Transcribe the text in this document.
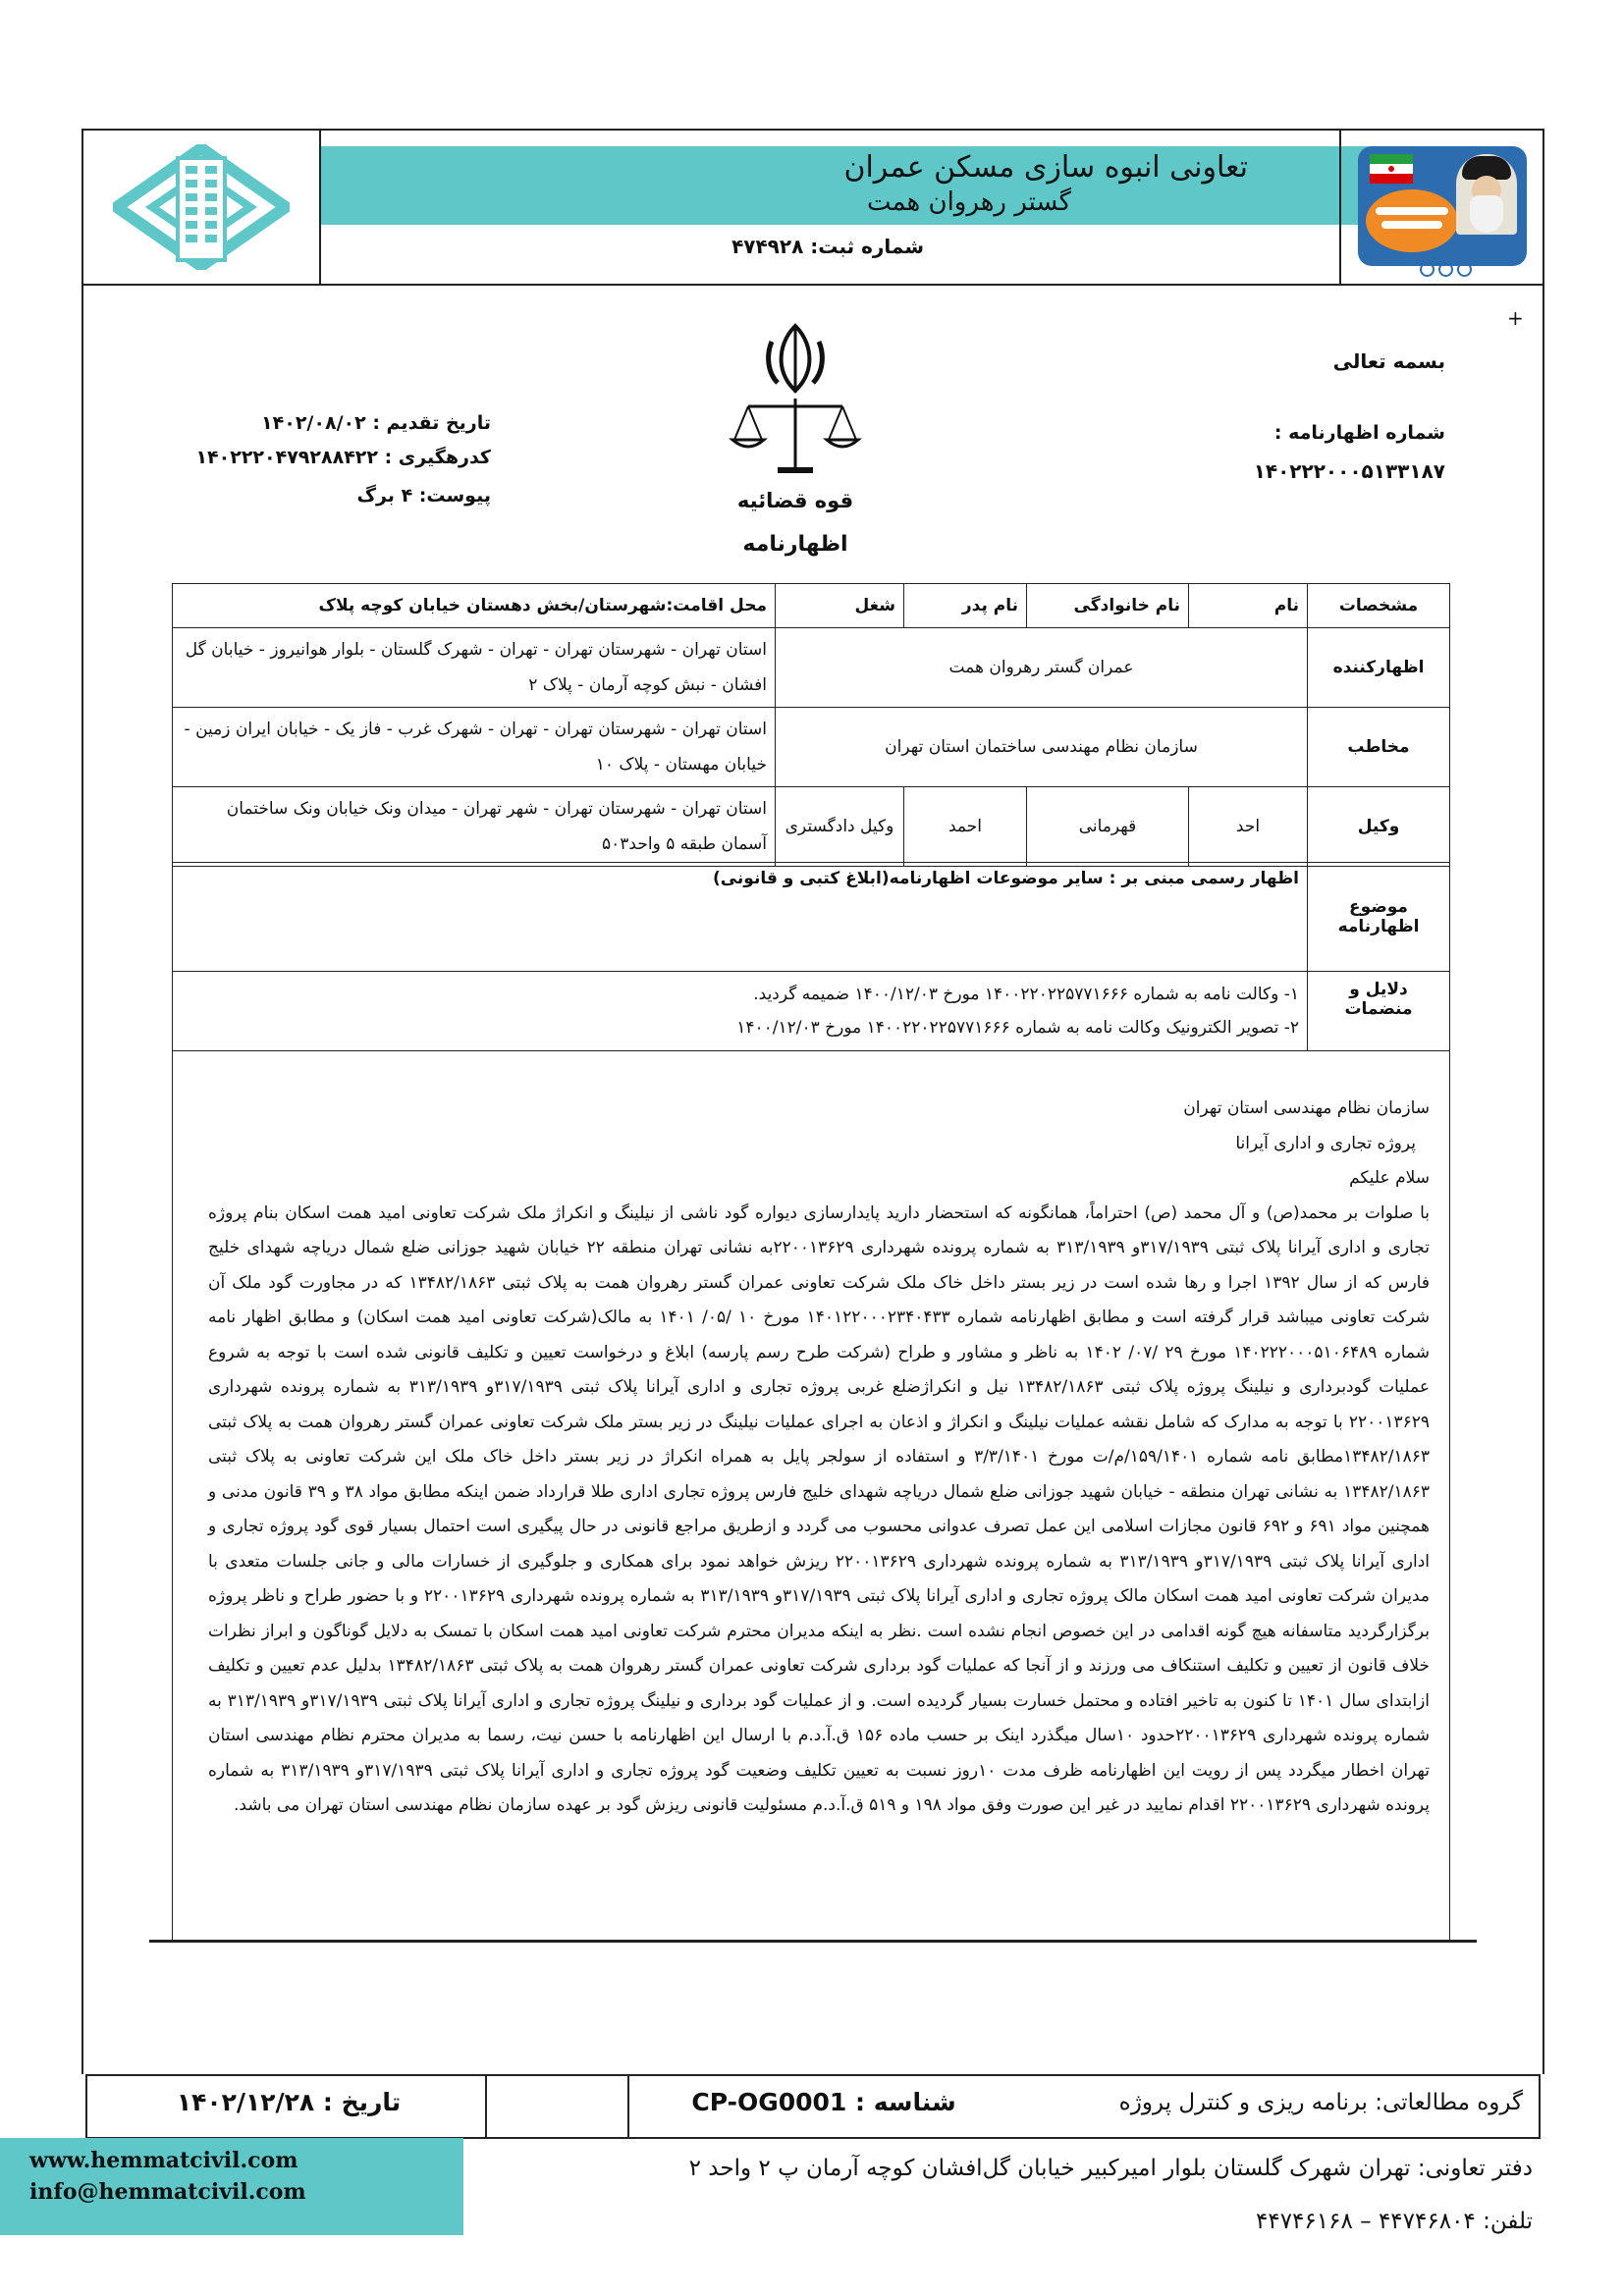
تعاونی انبوه سازی مسکن عمران
گستر رهروان همت
شماره ثبت: ۴۷۴۹۲۸
+
بسمه تعالی
شماره اظهارنامه :
۱۴۰۲۲۲۰۰۰۵۱۳۳۱۸۷
تاریخ تقدیم : ۱۴۰۲/۰۸/۰۲
کدرهگیری : ۱۴۰۲۲۲۰۴۷۹۲۸۸۴۲۲
پیوست: ۴ برگ	قوه قضائیه
اظهارنامه
مشخصات	نام	نام خانوادگی	نام پدر	شغل	محل اقامت:شهرستان/بخش دهستان خیابان کوچه پلاک
اظهارکننده	عمران گستر رهروان همت				استان تهران - شهرستان تهران - تهران - شهرک گلستان - بلوار هوانیروز - خیابان گل افشان - نبش کوچه آرمان - پلاک ۲
مخاطب	سازمان نظام مهندسی ساختمان استان تهران				استان تهران - شهرستان تهران - تهران - شهرک غرب - فاز یک - خیابان ایران زمین - خیابان مهستان - پلاک ۱۰
وکیل	احد	قهرمانی	احمد	وکیل دادگستری	استان تهران - شهرستان تهران - شهر تهران - میدان ونک خیابان ونک ساختمان آسمان طبقه ۵ واحد۵۰۳
موضوع اظهارنامه	اظهار رسمی مبنی بر : سایر موضوعات اظهارنامه(ابلاغ کتبی و قانونی)
دلایل و منضمات	۱- وکالت نامه به شماره ۱۴۰۰۲۲۰۲۲۵۷۷۱۶۶۶ مورخ ۱۴۰۰/۱۲/۰۳ ضمیمه گردید.
۲- تصویر الکترونیک وکالت نامه به شماره ۱۴۰۰۲۲۰۲۲۵۷۷۱۶۶۶ مورخ ۱۴۰۰/۱۲/۰۳

سازمان نظام مهندسی استان تهران

پروژه تجاری و اداری آیرانا

سلام علیکم

با صلوات بر محمد(ص) و آل محمد (ص) احتراماً، همانگونه که استحضار دارید پایدارسازی دیواره گود ناشی از نیلینگ و انکراژ ملک شرکت تعاونی امید همت اسکان بنام پروژه تجاری و اداری آیرانا پلاک ثبتی ۳۱۷/۱۹۳۹و ۳۱۳/۱۹۳۹ به شماره پرونده شهرداری ۲۲۰۰۱۳۶۲۹به نشانی تهران منطقه ۲۲ خیابان شهید جوزانی ضلع شمال دریاچه شهدای خلیج فارس که از سال ۱۳۹۲ اجرا و رها شده است در زیر بستر داخل خاک ملک شرکت تعاونی عمران گستر رهروان همت به پلاک ثبتی ۱۳۴۸۲/۱۸۶۳ که در مجاورت گود ملک آن شرکت تعاونی میباشد قرار گرفته است و مطابق اظهارنامه شماره ۱۴۰۱۲۲۰۰۰۲۳۴۰۴۳۳ مورخ ۱۰ /۰۵/ ۱۴۰۱ به مالک(شرکت تعاونی امید همت اسکان) و مطابق اظهار نامه شماره ۱۴۰۲۲۲۰۰۰۵۱۰۶۴۸۹ مورخ ۲۹ /۰۷/ ۱۴۰۲ به ناظر و مشاور و طراح (شرکت طرح رسم پارسه) ابلاغ و درخواست تعیین و تکلیف قانونی شده است با توجه به شروع عملیات گودبرداری و نیلینگ پروژه پلاک ثبتی ۱۳۴۸۲/۱۸۶۳ نیل و انکراژضلع غربی پروژه تجاری و اداری آیرانا پلاک ثبتی ۳۱۷/۱۹۳۹و ۳۱۳/۱۹۳۹ به شماره پرونده شهرداری ۲۲۰۰۱۳۶۲۹ با توجه به مدارک که شامل نقشه عملیات نیلینگ و انکراژ و اذعان به اجرای عملیات نیلینگ در زیر بستر ملک شرکت تعاونی عمران گستر رهروان همت به پلاک ثبتی ۱۳۴۸۲/۱۸۶۳مطابق نامه شماره ۱۵۹/۱۴۰۱/م/ت مورخ ۳/۳/۱۴۰۱ و استفاده از سولجر پایل به همراه انکراژ در زیر بستر داخل خاک ملک این شرکت تعاونی به پلاک ثبتی ۱۳۴۸۲/۱۸۶۳ به نشانی تهران منطقه - خیابان شهید جوزانی ضلع شمال دریاچه شهدای خلیج فارس پروژه تجاری اداری طلا قرارداد ضمن اینکه مطابق مواد ۳۸ و ۳۹ قانون مدنی و همچنین مواد ۶۹۱ و ۶۹۲ قانون مجازات اسلامی این عمل تصرف عدوانی محسوب می گردد و ازطریق مراجع قانونی در حال پیگیری است احتمال بسیار قوی گود پروژه تجاری و اداری آیرانا پلاک ثبتی ۳۱۷/۱۹۳۹و ۳۱۳/۱۹۳۹ به شماره پرونده شهرداری ۲۲۰۰۱۳۶۲۹ ریزش خواهد نمود برای همکاری و جلوگیری از خسارات مالی و جانی جلسات متعدی با مدیران شرکت تعاونی امید همت اسکان مالک پروژه تجاری و اداری آیرانا پلاک ثبتی ۳۱۷/۱۹۳۹و ۳۱۳/۱۹۳۹ به شماره پرونده شهرداری ۲۲۰۰۱۳۶۲۹ و با حضور طراح و ناظر پروژه برگزارگردید متاسفانه هیچ گونه اقدامی در این خصوص انجام نشده است .نظر به اینکه مدیران محترم شرکت تعاونی امید همت اسکان با تمسک به دلایل گوناگون و ابراز نظرات خلاف قانون از تعیین و تکلیف استنکاف می ورزند و از آنجا که عملیات گود برداری شرکت تعاونی عمران گستر رهروان همت به پلاک ثبتی ۱۳۴۸۲/۱۸۶۳ بدلیل عدم تعیین و تکلیف ازابتدای سال ۱۴۰۱ تا کنون به تاخیر افتاده و محتمل خسارت بسیار گردیده است. و از عملیات گود برداری و نیلینگ پروژه تجاری و اداری آیرانا پلاک ثبتی ۳۱۷/۱۹۳۹و ۳۱۳/۱۹۳۹ به شماره پرونده شهرداری ۲۲۰۰۱۳۶۲۹حدود ۱۰سال میگذرد اینک بر حسب ماده ۱۵۶ ق.آ.د.م با ارسال این اظهارنامه با حسن نیت، رسما به مدیران محترم نظام مهندسی استان تهران اخطار میگردد پس از رویت این اظهارنامه ظرف مدت ۱۰روز نسبت به تعیین تکلیف وضعیت گود پروژه تجاری و اداری آیرانا پلاک ثبتی ۳۱۷/۱۹۳۹و ۳۱۳/۱۹۳۹ به شماره پرونده شهرداری ۲۲۰۰۱۳۶۲۹ اقدام نمایید در غیر این صورت وفق مواد ۱۹۸ و ۵۱۹ ق.آ.د.م مسئولیت قانونی ریزش گود بر عهده سازمان نظام مهندسی استان تهران می باشد.

گروه مطالعاتی: برنامه ریزی و کنترل پروژه
شناسه : CP-OG0001
تاریخ : ۱۴۰۲/۱۲/۲۸
www.hemmatcivil.com
info@hemmatcivil.com
دفتر تعاونی: تهران شهرک گلستان بلوار امیرکبیر خیابان گل‌افشان کوچه آرمان پ ۲ واحد ۲
تلفن: ۴۴۷۴۶۸۰۴ – ۴۴۷۴۶۱۶۸
